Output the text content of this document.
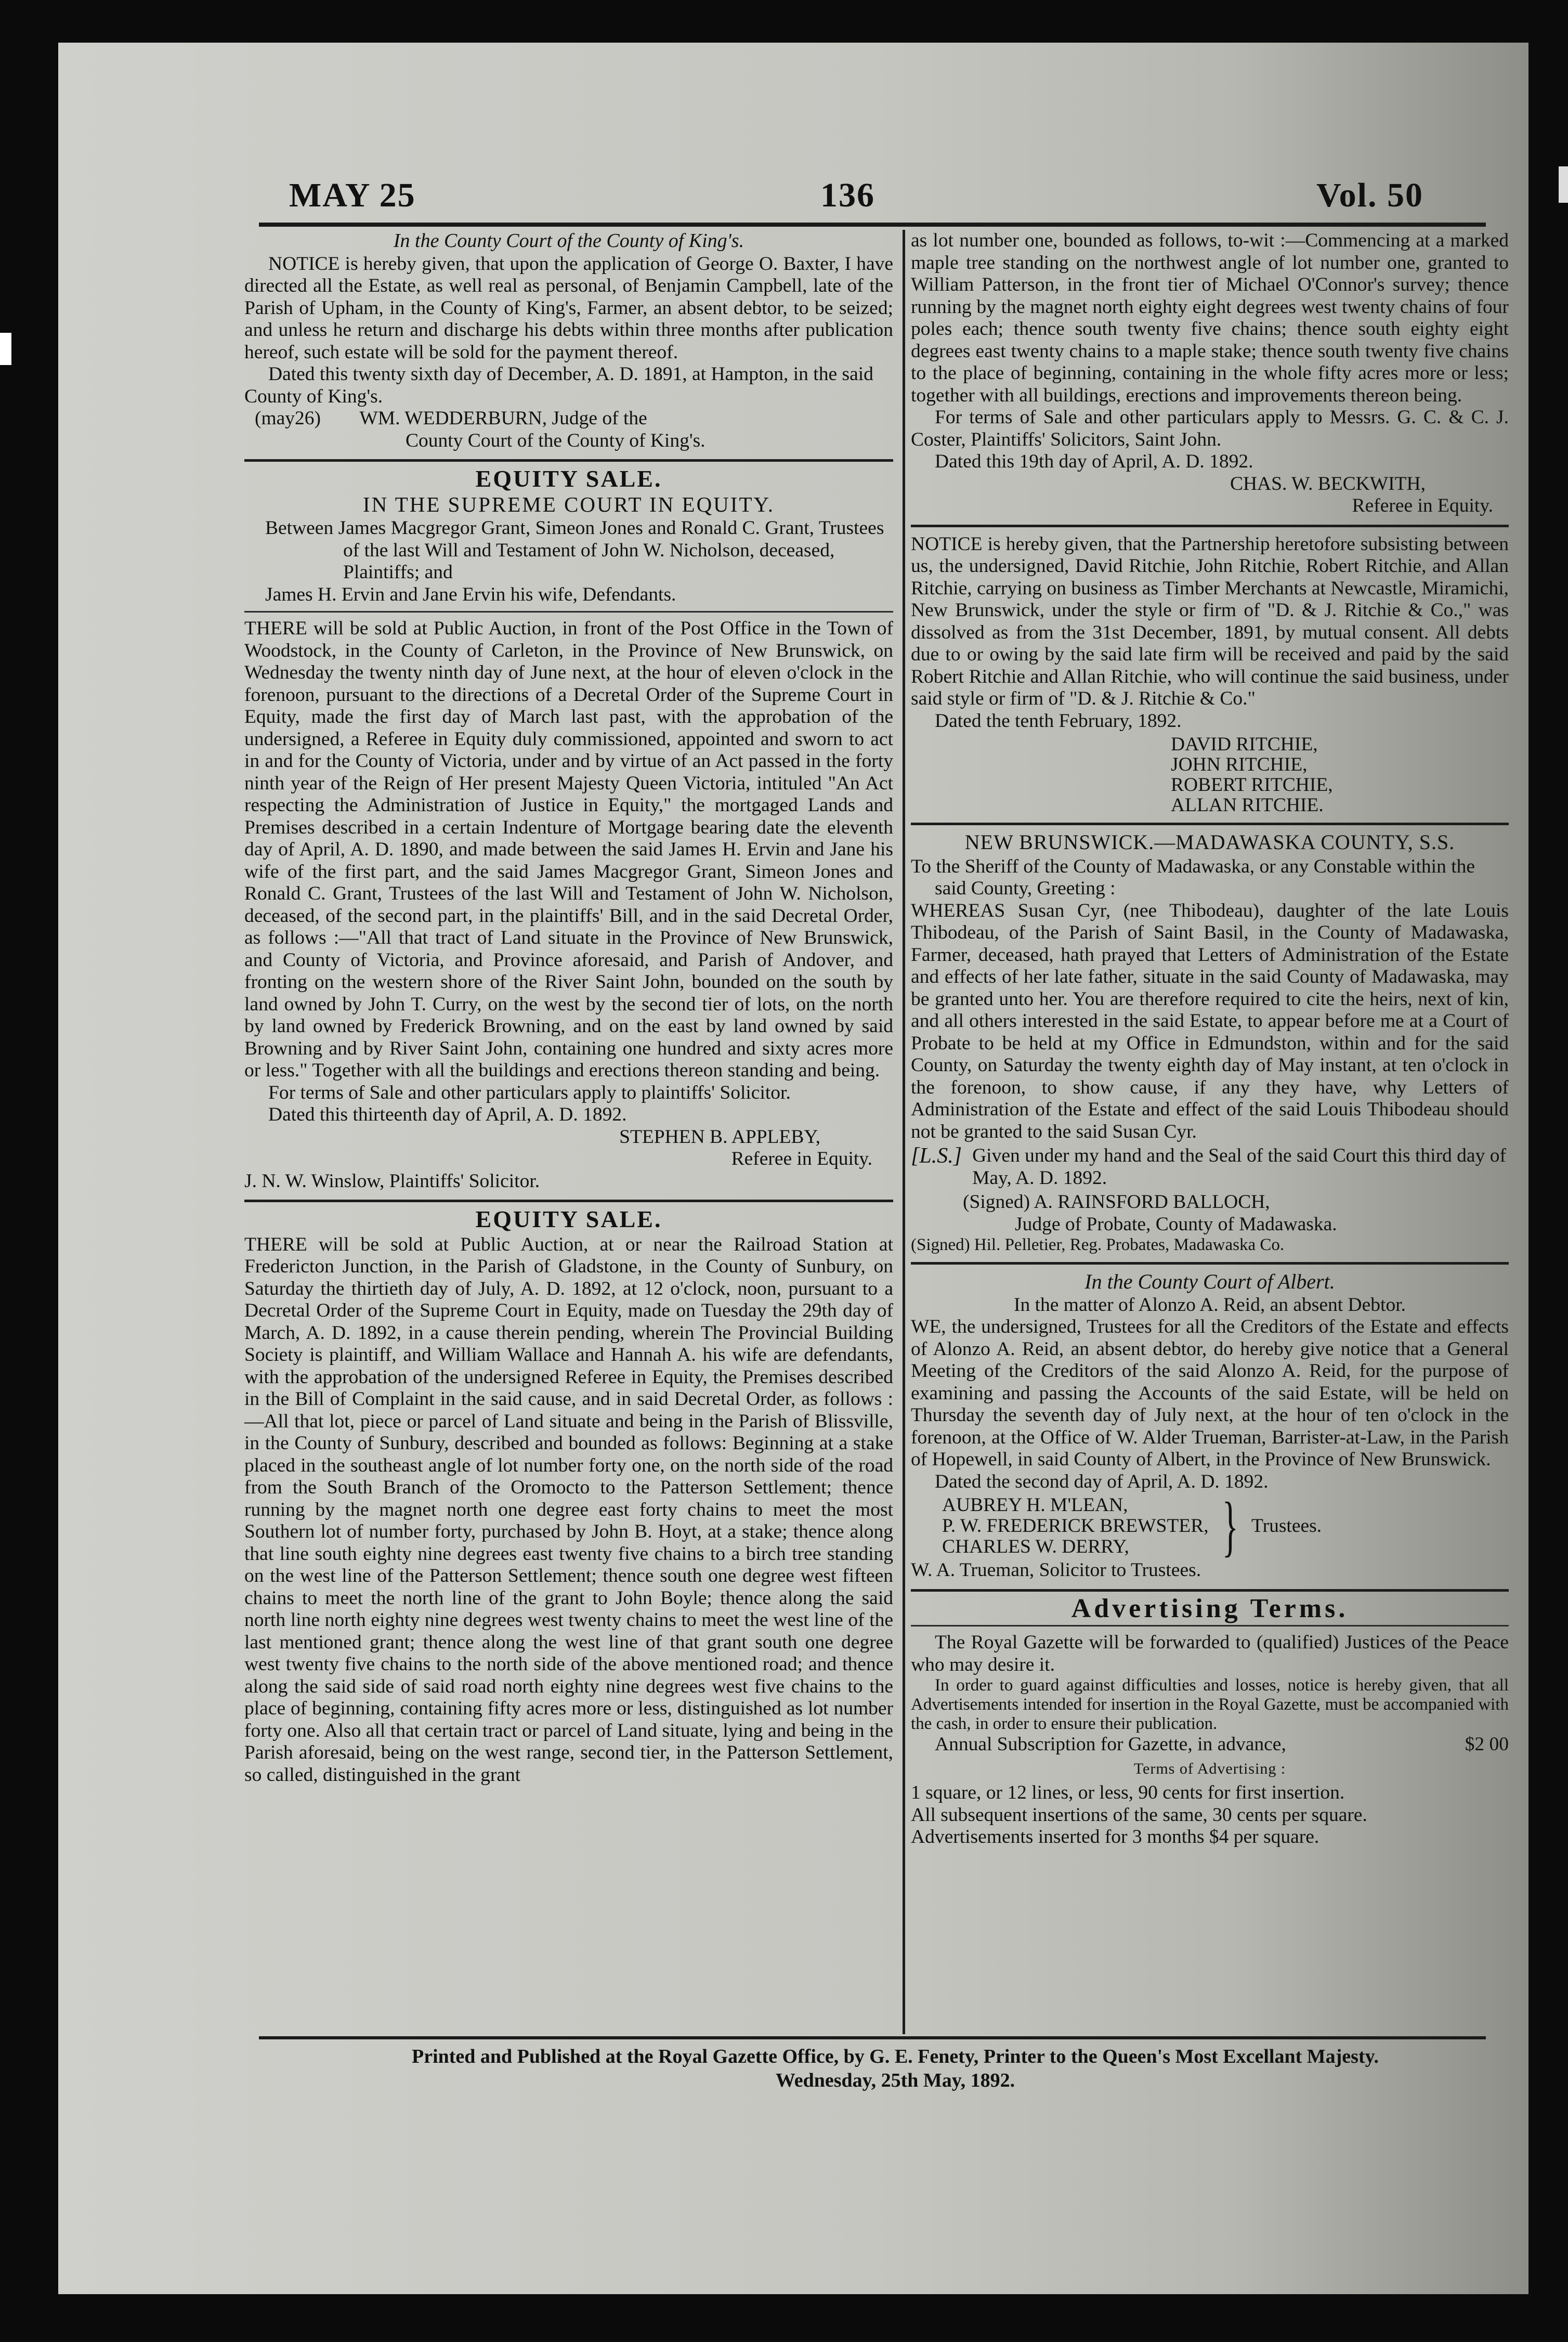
MAY 25	136	Vol. 50

In the County Court of the County of King's.

NOTICE is hereby given, that upon the application of George O. Baxter, I have directed all the Estate, as well real as personal, of Benjamin Campbell, late of the Parish of Upham, in the County of King's, Farmer, an absent debtor, to be seized; and unless he return and discharge his debts within three months after publication hereof, such estate will be sold for the payment thereof.

Dated this twenty sixth day of December, A. D. 1891, at Hampton, in the said County of King's.

(may26)        WM. WEDDERBURN, Judge of the

County Court of the County of King's.

EQUITY SALE.

IN THE SUPREME COURT IN EQUITY.

Between James Macgregor Grant, Simeon Jones and Ronald C. Grant, Trustees of the last Will and Testament of John W. Nicholson, deceased, Plaintiffs; and

James H. Ervin and Jane Ervin his wife, Defendants.

THERE will be sold at Public Auction, in front of the Post Office in the Town of Woodstock, in the County of Carleton, in the Province of New Brunswick, on Wednesday the twenty ninth day of June next, at the hour of eleven o'clock in the forenoon, pursuant to the directions of a Decretal Order of the Supreme Court in Equity, made the first day of March last past, with the approbation of the undersigned, a Referee in Equity duly commissioned, appointed and sworn to act in and for the County of Victoria, under and by virtue of an Act passed in the forty ninth year of the Reign of Her present Majesty Queen Victoria, intituled "An Act respecting the Administration of Justice in Equity," the mortgaged Lands and Premises described in a certain Indenture of Mortgage bearing date the eleventh day of April, A. D. 1890, and made between the said James H. Ervin and Jane his wife of the first part, and the said James Macgregor Grant, Simeon Jones and Ronald C. Grant, Trustees of the last Will and Testament of John W. Nicholson, deceased, of the second part, in the plaintiffs' Bill, and in the said Decretal Order, as follows :—"All that tract of Land situate in the Province of New Brunswick, and County of Victoria, and Province aforesaid, and Parish of Andover, and fronting on the western shore of the River Saint John, bounded on the south by land owned by John T. Curry, on the west by the second tier of lots, on the north by land owned by Frederick Browning, and on the east by land owned by said Browning and by River Saint John, containing one hundred and sixty acres more or less." Together with all the buildings and erections thereon standing and being.

For terms of Sale and other particulars apply to plaintiffs' Solicitor.

Dated this thirteenth day of April, A. D. 1892.

STEPHEN B. APPLEBY,

Referee in Equity.

J. N. W. Winslow, Plaintiffs' Solicitor.

EQUITY SALE.

THERE will be sold at Public Auction, at or near the Railroad Station at Fredericton Junction, in the Parish of Gladstone, in the County of Sunbury, on Saturday the thirtieth day of July, A. D. 1892, at 12 o'clock, noon, pursuant to a Decretal Order of the Supreme Court in Equity, made on Tuesday the 29th day of March, A. D. 1892, in a cause therein pending, wherein The Provincial Building Society is plaintiff, and William Wallace and Hannah A. his wife are defendants, with the approbation of the undersigned Referee in Equity, the Premises described in the Bill of Complaint in the said cause, and in said Decretal Order, as follows :—All that lot, piece or parcel of Land situate and being in the Parish of Blissville, in the County of Sunbury, described and bounded as follows: Beginning at a stake placed in the southeast angle of lot number forty one, on the north side of the road from the South Branch of the Oromocto to the Patterson Settlement; thence running by the magnet north one degree east forty chains to meet the most Southern lot of number forty, purchased by John B. Hoyt, at a stake; thence along that line south eighty nine degrees east twenty five chains to a birch tree standing on the west line of the Patterson Settlement; thence south one degree west fifteen chains to meet the north line of the grant to John Boyle; thence along the said north line north eighty nine degrees west twenty chains to meet the west line of the last mentioned grant; thence along the west line of that grant south one degree west twenty five chains to the north side of the above mentioned road; and thence along the said side of said road north eighty nine degrees west five chains to the place of beginning, containing fifty acres more or less, distinguished as lot number forty one. Also all that certain tract or parcel of Land situate, lying and being in the Parish aforesaid, being on the west range, second tier, in the Patterson Settlement, so called, distinguished in the grant

as lot number one, bounded as follows, to-wit :—Commencing at a marked maple tree standing on the northwest angle of lot number one, granted to William Patterson, in the front tier of Michael O'Connor's survey; thence running by the magnet north eighty eight degrees west twenty chains of four poles each; thence south twenty five chains; thence south eighty eight degrees east twenty chains to a maple stake; thence south twenty five chains to the place of beginning, containing in the whole fifty acres more or less; together with all buildings, erections and improvements thereon being.

For terms of Sale and other particulars apply to Messrs. G. C. & C. J. Coster, Plaintiffs' Solicitors, Saint John.

Dated this 19th day of April, A. D. 1892.

CHAS. W. BECKWITH,

Referee in Equity.

NOTICE is hereby given, that the Partnership heretofore subsisting between us, the undersigned, David Ritchie, John Ritchie, Robert Ritchie, and Allan Ritchie, carrying on business as Timber Merchants at Newcastle, Miramichi, New Brunswick, under the style or firm of "D. & J. Ritchie & Co.," was dissolved as from the 31st December, 1891, by mutual consent. All debts due to or owing by the said late firm will be received and paid by the said Robert Ritchie and Allan Ritchie, who will continue the said business, under said style or firm of "D. & J. Ritchie & Co."

Dated the tenth February, 1892.

DAVID RITCHIE,

JOHN RITCHIE,

ROBERT RITCHIE,

ALLAN RITCHIE.

NEW BRUNSWICK.—MADAWASKA COUNTY, S.S.

To the Sheriff of the County of Madawaska, or any Constable within the said County, Greeting :

WHEREAS Susan Cyr, (nee Thibodeau), daughter of the late Louis Thibodeau, of the Parish of Saint Basil, in the County of Madawaska, Farmer, deceased, hath prayed that Letters of Administration of the Estate and effects of her late father, situate in the said County of Madawaska, may be granted unto her. You are therefore required to cite the heirs, next of kin, and all others interested in the said Estate, to appear before me at a Court of Probate to be held at my Office in Edmundston, within and for the said County, on Saturday the twenty eighth day of May instant, at ten o'clock in the forenoon, to show cause, if any they have, why Letters of Administration of the Estate and effect of the said Louis Thibodeau should not be granted to the said Susan Cyr.

[L.S.] Given under my hand and the Seal of the said Court this third day of May, A. D. 1892.

(Signed) A. RAINSFORD BALLOCH,

Judge of Probate, County of Madawaska.

(Signed) Hil. Pelletier, Reg. Probates, Madawaska Co.

In the County Court of Albert.

In the matter of Alonzo A. Reid, an absent Debtor.

WE, the undersigned, Trustees for all the Creditors of the Estate and effects of Alonzo A. Reid, an absent debtor, do hereby give notice that a General Meeting of the Creditors of the said Alonzo A. Reid, for the purpose of examining and passing the Accounts of the said Estate, will be held on Thursday the seventh day of July next, at the hour of ten o'clock in the forenoon, at the Office of W. Alder Trueman, Barrister-at-Law, in the Parish of Hopewell, in said County of Albert, in the Province of New Brunswick.

Dated the second day of April, A. D. 1892.

AUBREY H. M'LEAN,

P. W. FREDERICK BREWSTER,

CHARLES W. DERRY,	} Trustees.

W. A. Trueman, Solicitor to Trustees.

Advertising Terms.

The Royal Gazette will be forwarded to (qualified) Justices of the Peace who may desire it.

In order to guard against difficulties and losses, notice is hereby given, that all Advertisements intended for insertion in the Royal Gazette, must be accompanied with the cash, in order to ensure their publication.

Annual Subscription for Gazette, in advance,	$2 00

Terms of Advertising :

1 square, or 12 lines, or less, 90 cents for first insertion.

All subsequent insertions of the same, 30 cents per square.

Advertisements inserted for 3 months $4 per square.

Printed and Published at the Royal Gazette Office, by G. E. Fenety, Printer to the Queen's Most Excellant Majesty.
Wednesday, 25th May, 1892.
